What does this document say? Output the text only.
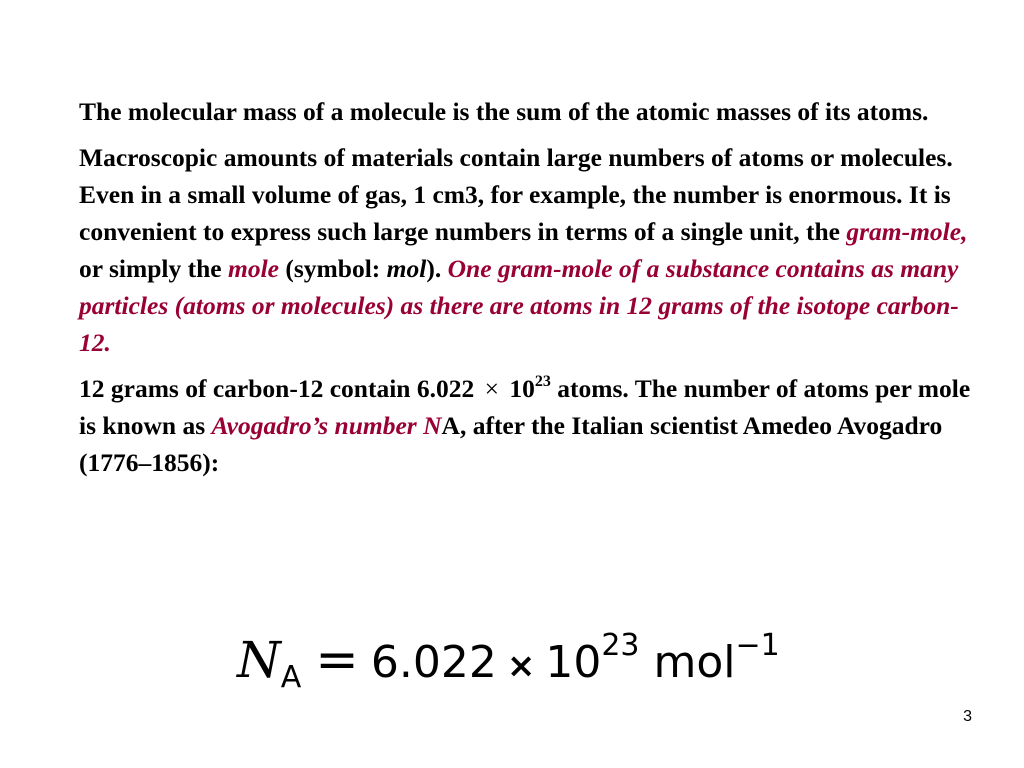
The molecular mass of a molecule is the sum of the atomic masses of its atoms.

Macroscopic amounts of materials contain large numbers of atoms or molecules. Even in a small volume of gas, 1 cm3, for example, the number is enormous. It is convenient to express such large numbers in terms of a single unit, the gram-mole, or simply the mole (symbol: mol). One gram-mole of a substance contains as many particles (atoms or molecules) as there are atoms in 12 grams of the isotope carbon-12.

12 grams of carbon-12 contain $6.022 \times 10^{23}$ atoms. The number of atoms per mole is known as Avogadro’s number NA, after the Italian scientist Amedeo Avogadro (1776–1856):

N A = 6.022 × 10 23 mol −1
3
